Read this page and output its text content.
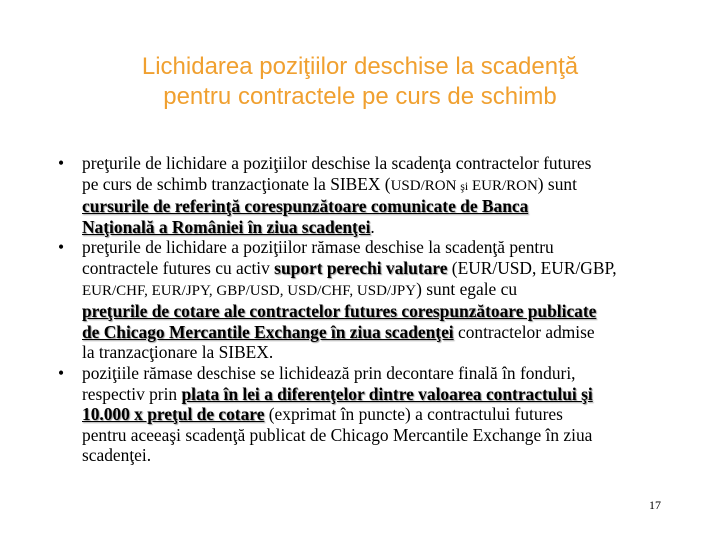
Lichidarea poziţiilor deschise la scadenţă
pentru contractele pe curs de schimb
• preţurile de lichidare a poziţiilor deschise la scadenţa contractelor futures
pe curs de schimb tranzacţionate la SIBEX (USD/RON şi EUR/RON) sunt
cursurile de referinţă corespunzătoare comunicate de Banca
Naţională a României în ziua scadenţei.
• preţurile de lichidare a poziţiilor rămase deschise la scadenţă pentru
contractele futures cu activ suport perechi valutare (EUR/USD, EUR/GBP,
EUR/CHF, EUR/JPY, GBP/USD, USD/CHF, USD/JPY) sunt egale cu
preţurile de cotare ale contractelor futures corespunzătoare publicate
de Chicago Mercantile Exchange în ziua scadenţei contractelor admise
la tranzacţionare la SIBEX.
• poziţiile rămase deschise se lichidează prin decontare finală în fonduri,
respectiv prin plata în lei a diferenţelor dintre valoarea contractului şi
10.000 x preţul de cotare (exprimat în puncte) a contractului futures
pentru aceeaşi scadenţă publicat de Chicago Mercantile Exchange în ziua
scadenţei.
17
